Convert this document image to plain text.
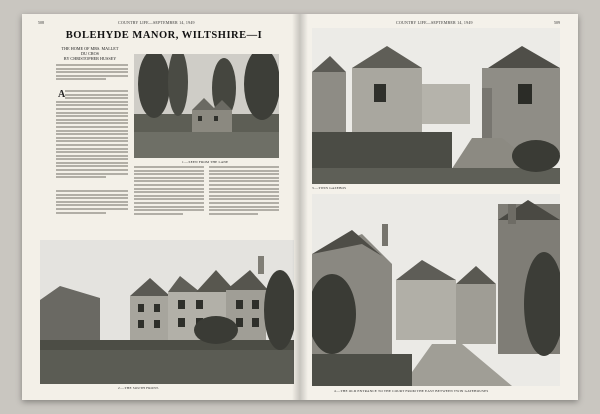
508	COUNTRY LIFE—SEPTEMBER 14, 1949
BOLEHYDE MANOR, WILTSHIRE—I
THE HOME OF MRS. MALLET DU CROS
BY CHRISTOPHER HUSSEY
A
1.—SEEN FROM THE LANE
2.—THE SOUTH FRONT.
COUNTRY LIFE—SEPTEMBER 14, 1949	509
3.—TWIN GAZEBOS
4.—THE OLD ENTRANCE TO THE COURT FROM THE EAST BETWEEN TWIN GATEHOUSES
